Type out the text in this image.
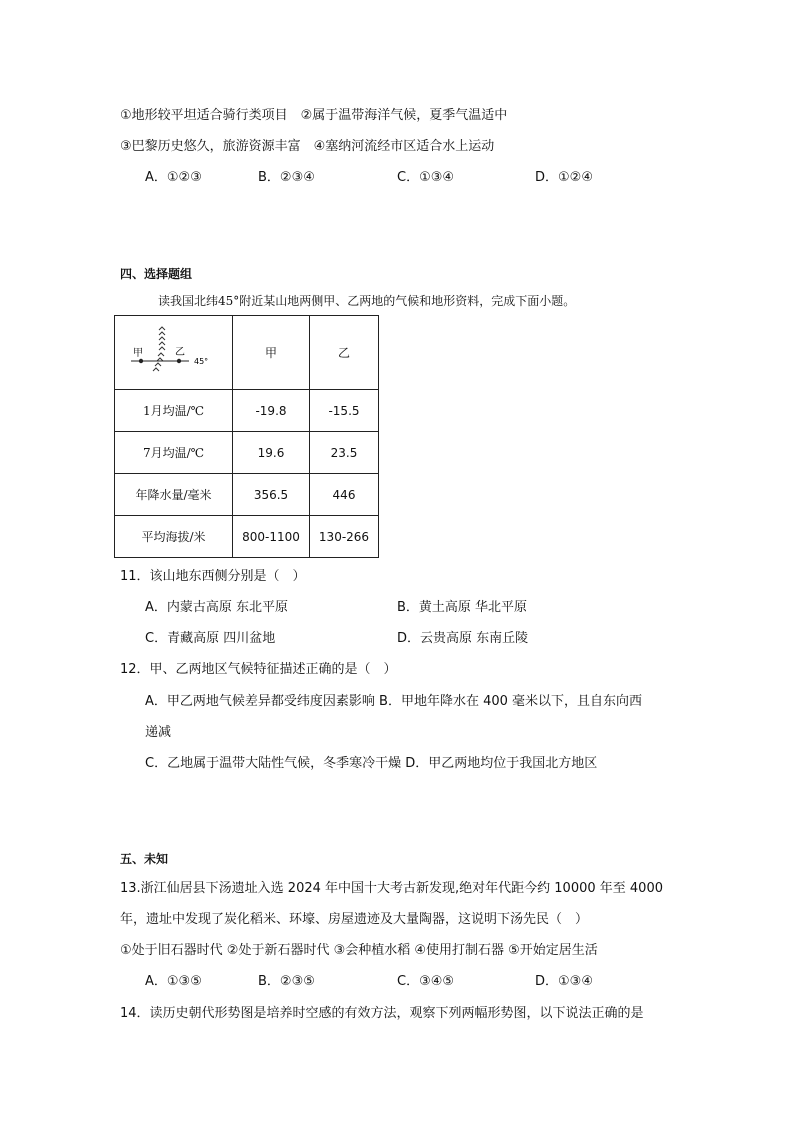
①地形较平坦适合骑行类项目　②属于温带海洋气候，夏季气温适中
③巴黎历史悠久，旅游资源丰富　④塞纳河流经市区适合水上运动
A．①②③	B．②③④	C．①③④	D．①②④
四、选择题组
读我国北纬45°附近某山地两侧甲、乙两地的气候和地形资料，完成下面小题。
甲 乙
45°	甲	乙
1月均温/℃	-19.8	-15.5
7月均温/℃	19.6	23.5
年降水量/毫米	356.5	446
平均海拔/米	800-1100	130-266
11．该山地东西侧分别是（　）
A．内蒙古高原 东北平原	B．黄土高原 华北平原
C．青藏高原 四川盆地	D．云贵高原 东南丘陵
12．甲、乙两地区气候特征描述正确的是（　）
A．甲乙两地气候差异都受纬度因素影响 B．甲地年降水在 400 毫米以下，且自东向西
递减
C．乙地属于温带大陆性气候，冬季寒冷干燥 D．甲乙两地均位于我国北方地区
五、未知
13.浙江仙居县下汤遗址入选 2024 年中国十大考古新发现,绝对年代距今约 10000 年至 4000
年，遗址中发现了炭化稻米、环壕、房屋遗迹及大量陶器，这说明下汤先民（　）
①处于旧石器时代 ②处于新石器时代 ③会种植水稻 ④使用打制石器 ⑤开始定居生活
A．①③⑤	B．②③⑤	C．③④⑤	D．①③④
14．读历史朝代形势图是培养时空感的有效方法，观察下列两幅形势图，以下说法正确的是
